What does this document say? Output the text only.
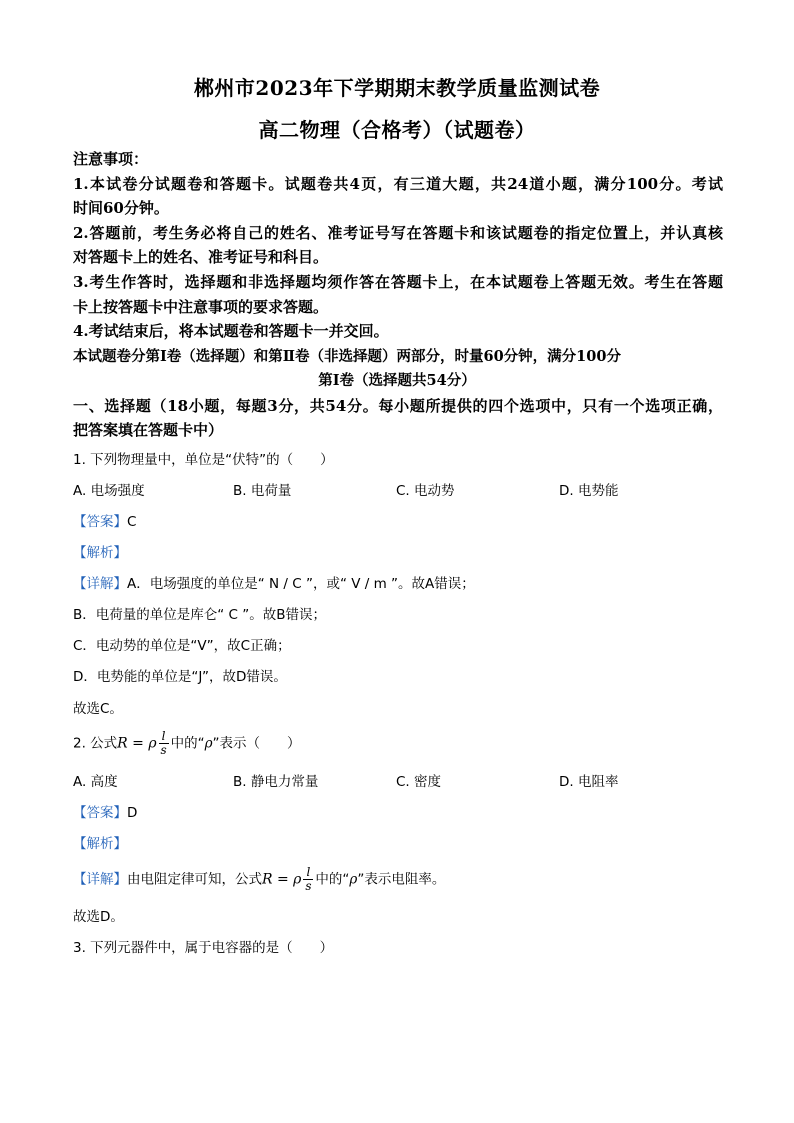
郴州市2023年下学期期末教学质量监测试卷
高二物理（合格考）（试题卷）
注意事项：
1.本试卷分试题卷和答题卡。试题卷共4页，有三道大题，共24道小题，满分100分。考试
时间60分钟。
2.答题前，考生务必将自己的姓名、准考证号写在答题卡和该试题卷的指定位置上，并认真核
对答题卡上的姓名、准考证号和科目。
3.考生作答时，选择题和非选择题均须作答在答题卡上，在本试题卷上答题无效。考生在答题
卡上按答题卡中注意事项的要求答题。
4.考试结束后，将本试题卷和答题卡一并交回。
本试题卷分第Ⅰ卷（选择题）和第Ⅱ卷（非选择题）两部分，时量60分钟，满分100分
第Ⅰ卷（选择题共54分）
一、选择题（18小题，每题3分，共54分。每小题所提供的四个选项中，只有一个选项正确，
把答案填在答题卡中）
1. 下列物理量中，单位是“伏特”的（　　）
A. 电场强度	B. 电荷量	C. 电动势	D. 电势能
【答案】C
【解析】
【详解】A．电场强度的单位是“ N / C ”，或“ V / m ”。故A错误；
B．电荷量的单位是库仑“ C ”。故B错误；
C．电动势的单位是“V”，故C正确；
D．电势能的单位是“J”，故D错误。
故选C。
2. 公式R = ρ $\frac{l}{s}$ 中的“ρ”表示（　　）
A. 高度	B. 静电力常量	C. 密度	D. 电阻率
【答案】D
【解析】
【详解】由电阻定律可知，公式R = ρ $\frac{l}{s}$ 中的“ρ”表示电阻率。
故选D。
3. 下列元器件中，属于电容器的是（　　）
